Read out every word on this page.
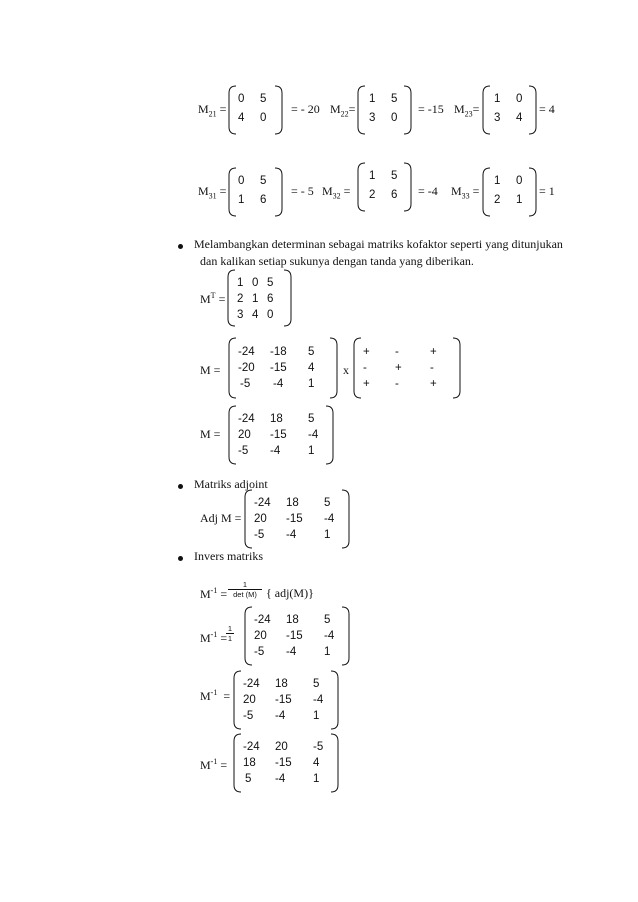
$M_{21}$ =
0 5
4 0
= - 20 $M_{22}=$
1 5
3 0
= -15 $M_{23}=$
1 0
3 4
= 4
$M_{31}$ =
0 5
1 6
= - 5 $M_{32}$ =
1 5
2 6 = -4 $M_{33}$ =
1 0
2 1
= 1
Melambangkan determinan sebagai matriks kofaktor seperti yang ditunjukan
dan kalikan setiap sukunya dengan tanda yang diberikan.
$M^T$ =
1 0 5
2 1 6
3 4 0
M =
-24 -18 5
-20 -15 4
-5 -4 1
x
+ -	+
- + -
+ -	+
M =
-24 18 5
20 -15 -4
-5 -4 1
Matriks adjoint
Adj M =
-24 18 5
20 -15 -4
-5 -4 1
Invers matriks
$M^{-1}$ =
1
det (M) { adj(M)}
$M^{-1}$ =
$\frac{1}{1}$
-24 18 5
20 -15 -4
-5 -4 1
$M^{-1}$ =
-24 18 5
20 -15 -4
-5 -4 1
$M^{-1}$ =
-24 20 -5
18 -15 4
5 -4 1
